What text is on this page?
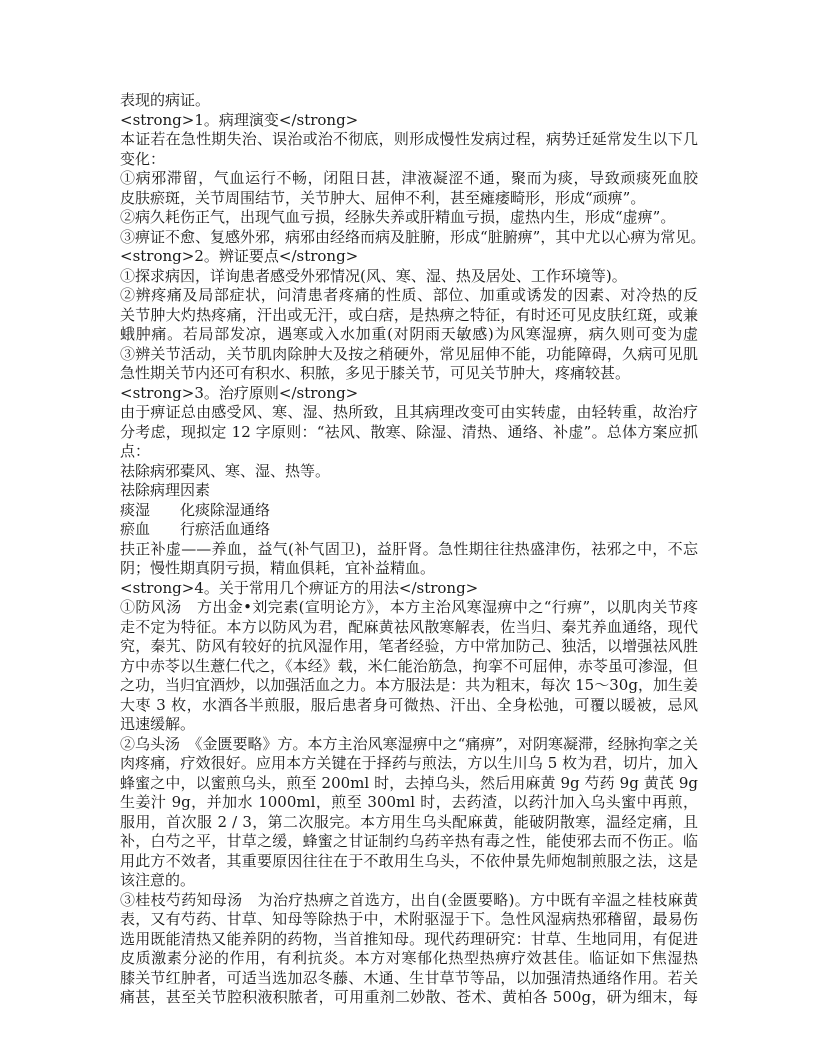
表现的病证。
<strong>1。病理演变</strong>
本证若在急性期失治、误治或治不彻底，则形成慢性发病过程，病势迁延常发生以下几
变化：
①病邪滞留，气血运行不畅，闭阻日甚，津液凝涩不通，聚而为痰，导致顽痰死血胶
皮肤瘀斑，关节周围结节，关节肿大、屈伸不利，甚至瘫痿畸形，形成“顽痹”。
②病久耗伤正气，出现气血亏损，经脉失养或肝精血亏损，虚热内生，形成“虚痹”。
③痹证不愈、复感外邪，病邪由经络而病及脏腑，形成“脏腑痹”，其中尤以心痹为常见。
<strong>2。辨证要点</strong>
①探求病因，详询患者感受外邪情况(风、寒、湿、热及居处、工作环境等)。
②辨疼痛及局部症状，问清患者疼痛的性质、部位、加重或诱发的因素、对冷热的反
关节肿大灼热疼痛，汗出或无汗，或白痞，是热痹之特征，有时还可见皮肤红斑，或兼
蛾肿痛。若局部发凉，遇寒或入水加重(对阴雨天敏感)为风寒湿痹，病久则可变为虚
③辨关节活动，关节肌肉除肿大及按之稍硬外，常见屈伸不能，功能障碍，久病可见肌
急性期关节内还可有积水、积脓，多见于膝关节，可见关节肿大，疼痛较甚。
<strong>3。治疗原则</strong>
由于痹证总由感受风、寒、湿、热所致，且其病理改变可由实转虚，由轻转重，故治疗
分考虑，现拟定 12 字原则：“祛风、散寒、除湿、清热、通络、补虚”。总体方案应抓
点：
祛除病邪橐风、寒、湿、热等。
祛除病理因素
痰湿　　化痰除湿通络
瘀血　　行瘀活血通络
扶正补虚——养血，益气(补气固卫)，益肝肾。急性期往往热盛津伤，祛邪之中，不忘
阴；慢性期真阴亏损，精血俱耗，宜补益精血。
<strong>4。关于常用几个痹证方的用法</strong>
①防风汤　方出金•刘完素(宣明论方》，本方主治风寒湿痹中之“行痹”，以肌肉关节疼
走不定为特征。本方以防风为君，配麻黄祛风散寒解表，佐当归、秦艽养血通络，现代
究，秦艽、防风有较好的抗风湿作用，笔者经验，方中常加防己、独活，以增强祛风胜
方中赤苓以生薏仁代之，《本经》载，米仁能治筋急，拘挛不可屈伸，赤苓虽可渗湿，但
之功，当归宜酒炒，以加强活血之力。本方服法是：共为粗末，每次 15～30g，加生姜
大枣 3 枚，水酒各半煎服，服后患者身可微热、汗出、全身松弛，可覆以暖被，忌风
迅速缓解。
②乌头汤　《金匮要略》方。本方主治风寒湿痹中之“痛痹”，对阴寒凝滞，经脉拘挛之关
肉疼痛，疗效很好。应用本方关键在于择药与煎法，方以生川乌 5 枚为君，切片，加入
蜂蜜之中，以蜜煎乌头，煎至 200ml 时，去掉乌头，然后用麻黄 9g 芍药 9g 黄芪 9g
生姜汁 9g，并加水 1000ml，煎至 300ml 时，去药渣，以药汁加入乌头蜜中再煎，
服用，首次服 2 / 3，第二次服完。本方用生乌头配麻黄，能破阴散寒，温经定痛，且
补，白芍之平，甘草之缓，蜂蜜之甘证制约乌药辛热有毒之性，能使邪去而不伤正。临
用此方不效者，其重要原因往往在于不敢用生乌头，不依仲景先师炮制煎服之法，这是
该注意的。
③桂枝芍药知母汤　为治疗热痹之首选方，出自(金匮要略)。方中既有辛温之桂枝麻黄
表，又有芍药、甘草、知母等除热于中，术附驱湿于下。急性风湿病热邪稽留，最易伤
选用既能清热又能养阴的药物，当首推知母。现代药理研究：甘草、生地同用，有促进
皮质激素分泌的作用，有利抗炎。本方对寒郁化热型热痹疗效甚佳。临证如下焦湿热
膝关节红肿者，可适当选加忍冬藤、木通、生甘草节等品，以加强清热通络作用。若关
痛甚，甚至关节腔积液积脓者，可用重剂二妙散、苍术、黄柏各 500g，研为细末，每
